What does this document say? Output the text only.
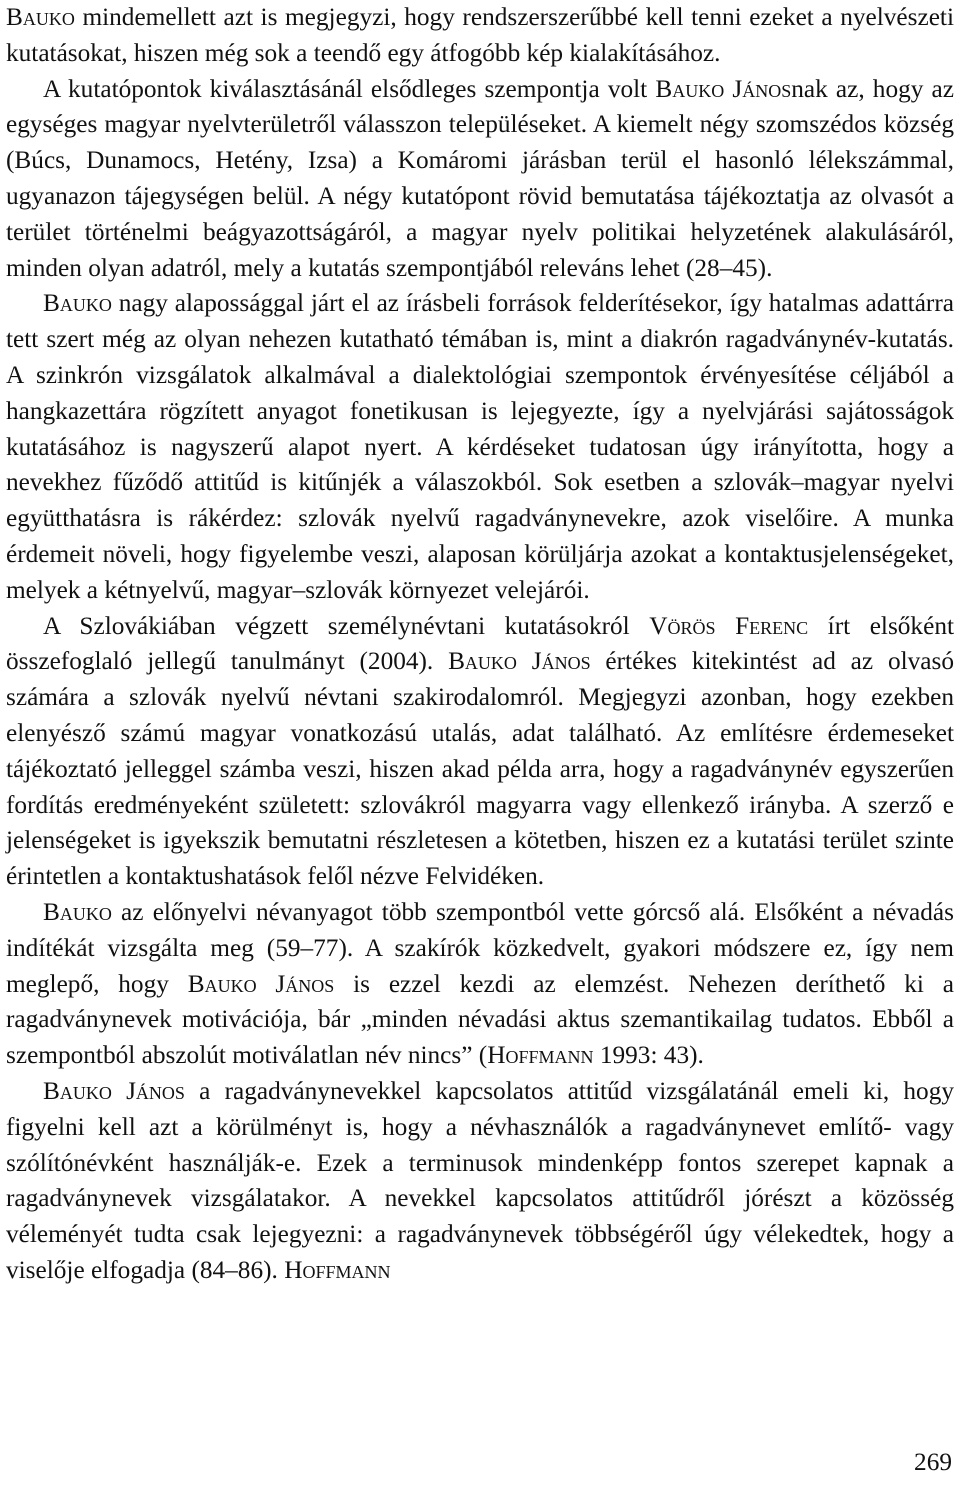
Bauko mindemellett azt is megjegyzi, hogy rendszerszerűbbé kell tenni ezeket a nyelvészeti kutatásokat, hiszen még sok a teendő egy átfogóbb kép kialakításához.

A kutatópontok kiválasztásánál elsődleges szempontja volt Bauko Jánosnak az, hogy az egységes magyar nyelvterületről válasszon településeket. A kiemelt négy szomszédos község (Búcs, Dunamocs, Hetény, Izsa) a Komáromi járásban terül el hasonló lélekszámmal, ugyanazon tájegységen belül. A négy kutatópont rövid bemutatása tájékoztatja az olvasót a terület történelmi beágyazottságáról, a magyar nyelv politikai helyzetének alakulásáról, minden olyan adatról, mely a kutatás szempontjából releváns lehet (28–45).

Bauko nagy alapossággal járt el az írásbeli források felderítésekor, így hatalmas adattárra tett szert még az olyan nehezen kutatható témában is, mint a diakrón ragadványnév-kutatás. A szinkrón vizsgálatok alkalmával a dialektológiai szempontok érvényesítése céljából a hangkazettára rögzített anyagot fonetikusan is lejegyezte, így a nyelvjárási sajátosságok kutatásához is nagyszerű alapot nyert. A kérdéseket tudatosan úgy irányította, hogy a nevekhez fűződő attitűd is kitűnjék a válaszokból. Sok esetben a szlovák–magyar nyelvi együtthatásra is rákérdez: szlovák nyelvű ragadványnevekre, azok viselőire. A munka érdemeit növeli, hogy figyelembe veszi, alaposan körüljárja azokat a kontaktusjelenségeket, melyek a kétnyelvű, magyar–szlovák környezet velejárói.

A Szlovákiában végzett személynévtani kutatásokról Vörös Ferenc írt elsőként összefoglaló jellegű tanulmányt (2004). Bauko János értékes kitekintést ad az olvasó számára a szlovák nyelvű névtani szakirodalomról. Megjegyzi azonban, hogy ezekben elenyésző számú magyar vonatkozású utalás, adat található. Az említésre érdemeseket tájékoztató jelleggel számba veszi, hiszen akad példa arra, hogy a ragadványnév egyszerűen fordítás eredményeként született: szlovákról magyarra vagy ellenkező irányba. A szerző e jelenségeket is igyekszik bemutatni részletesen a kötetben, hiszen ez a kutatási terület szinte érintetlen a kontaktushatások felől nézve Felvidéken.

Bauko az előnyelvi névanyagot több szempontból vette górcső alá. Elsőként a névadás indítékát vizsgálta meg (59–77). A szakírók közkedvelt, gyakori módszere ez, így nem meglepő, hogy Bauko János is ezzel kezdi az elemzést. Nehezen deríthető ki a ragadványnevek motivációja, bár „minden névadási aktus szemantikailag tudatos. Ebből a szempontból abszolút motiválatlan név nincs” (Hoffmann 1993: 43).

Bauko János a ragadványnevekkel kapcsolatos attitűd vizsgálatánál emeli ki, hogy figyelni kell azt a körülményt is, hogy a névhasználók a ragadványnevet említő- vagy szólítónévként használják-e. Ezek a terminusok mindenképp fontos szerepet kapnak a ragadványnevek vizsgálatakor. A nevekkel kapcsolatos attitűdről jórészt a közösség véleményét tudta csak lejegyezni: a ragadványnevek többségéről úgy vélekedtek, hogy a viselője elfogadja (84–86). Hoffmann

269
